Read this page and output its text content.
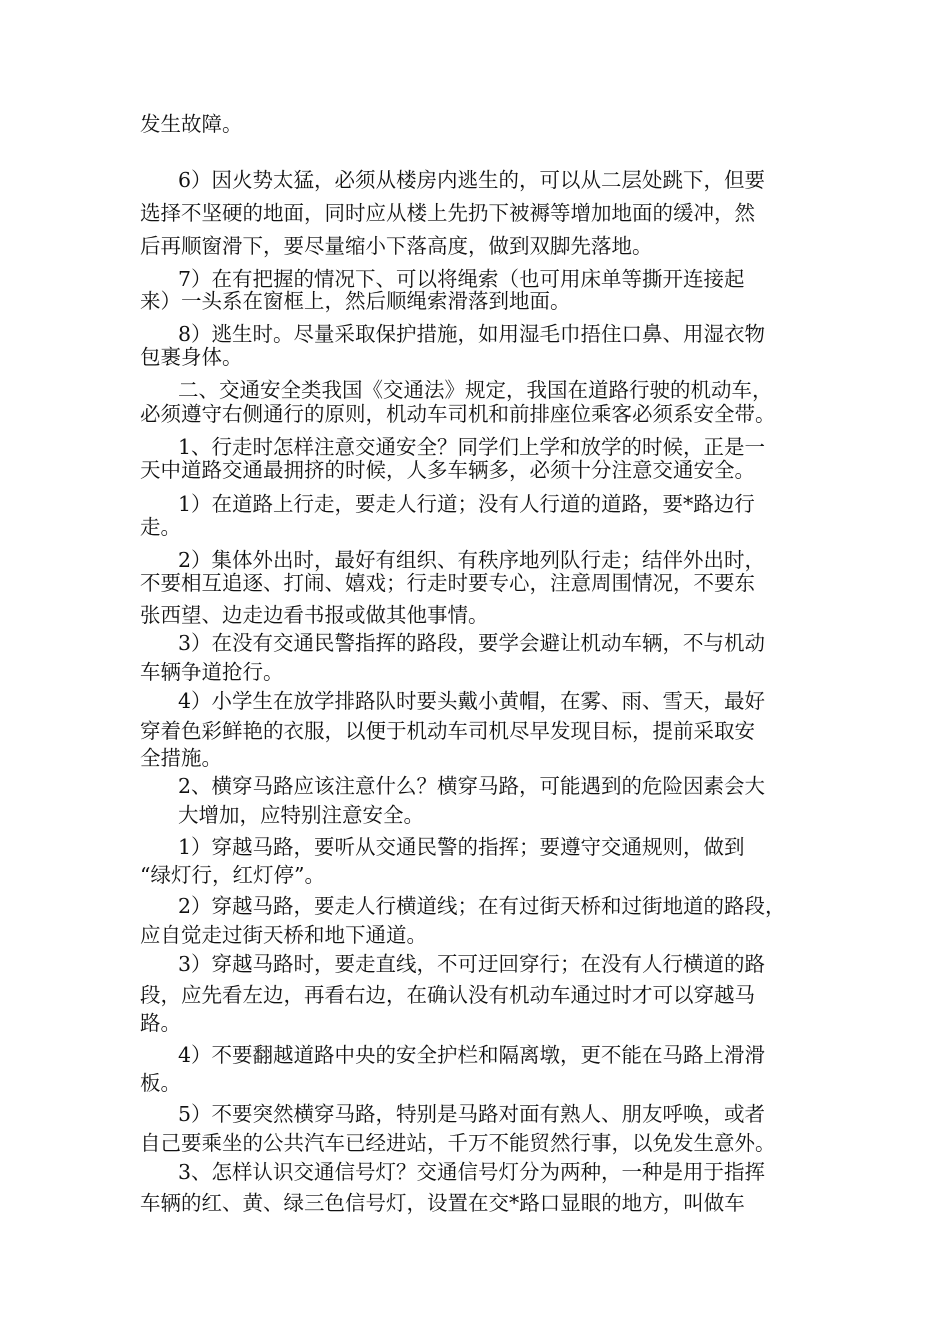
发生故障。
6）因火势太猛，必须从楼房内逃生的，可以从二层处跳下，但要
选择不坚硬的地面，同时应从楼上先扔下被褥等增加地面的缓冲，然
后再顺窗滑下，要尽量缩小下落高度，做到双脚先落地。
7）在有把握的情况下、可以将绳索（也可用床单等撕开连接起
来）一头系在窗框上，然后顺绳索滑落到地面。
8）逃生时。尽量采取保护措施，如用湿毛巾捂住口鼻、用湿衣物
包裹身体。
二、交通安全类我国《交通法》规定，我国在道路行驶的机动车，
必须遵守右侧通行的原则，机动车司机和前排座位乘客必须系安全带。
1、行走时怎样注意交通安全？同学们上学和放学的时候，正是一
天中道路交通最拥挤的时候，人多车辆多，必须十分注意交通安全。
1）在道路上行走，要走人行道；没有人行道的道路，要*路边行
走。
2）集体外出时，最好有组织、有秩序地列队行走；结伴外出时，
不要相互追逐、打闹、嬉戏；行走时要专心，注意周围情况，不要东
张西望、边走边看书报或做其他事情。
3）在没有交通民警指挥的路段，要学会避让机动车辆，不与机动
车辆争道抢行。
4）小学生在放学排路队时要头戴小黄帽，在雾、雨、雪天，最好
穿着色彩鲜艳的衣服，以便于机动车司机尽早发现目标，提前采取安
全措施。
2、横穿马路应该注意什么？横穿马路，可能遇到的危险因素会大
大增加，应特别注意安全。
1）穿越马路，要听从交通民警的指挥；要遵守交通规则，做到
“绿灯行，红灯停”。
2）穿越马路，要走人行横道线；在有过街天桥和过街地道的路段，
应自觉走过街天桥和地下通道。
3）穿越马路时，要走直线，不可迂回穿行；在没有人行横道的路
段，应先看左边，再看右边，在确认没有机动车通过时才可以穿越马
路。
4）不要翻越道路中央的安全护栏和隔离墩，更不能在马路上滑滑
板。
5）不要突然横穿马路，特别是马路对面有熟人、朋友呼唤，或者
自己要乘坐的公共汽车已经进站，千万不能贸然行事，以免发生意外。
3、怎样认识交通信号灯？交通信号灯分为两种，一种是用于指挥
车辆的红、黄、绿三色信号灯，设置在交*路口显眼的地方，叫做车
